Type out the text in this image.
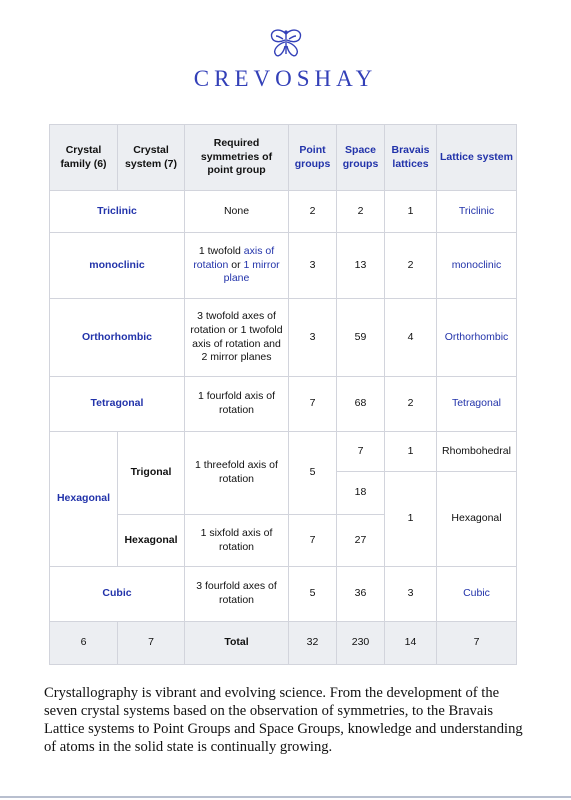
CREVOSHAY
Crystal family (6)	Crystal system (7)	Required symmetries of point group	Point groups	Space groups	Bravais lattices	Lattice system
Triclinic		None	2	2	1	Triclinic
monoclinic		1 twofold axis of rotation or 1 mirror plane	3	13	2	monoclinic
Orthorhombic		3 twofold axes of rotation or 1 twofold axis of rotation and 2 mirror planes	3	59	4	Orthorhombic
Tetragonal		1 fourfold axis of rotation	7	68	2	Tetragonal
Hexagonal	Trigonal	1 threefold axis of rotation	5	7	1	Rhombohedral
				18	1	Hexagonal
	Hexagonal	1 sixfold axis of rotation	7	27		
Cubic		3 fourfold axes of rotation	5	36	3	Cubic
6	7	Total	32	230	14	7
Crystallography is vibrant and evolving science. From the development of the seven crystal systems based on the observation of symmetries, to the Bravais Lattice systems to Point Groups and Space Groups, knowledge and understanding of atoms in the solid state is continually growing.
